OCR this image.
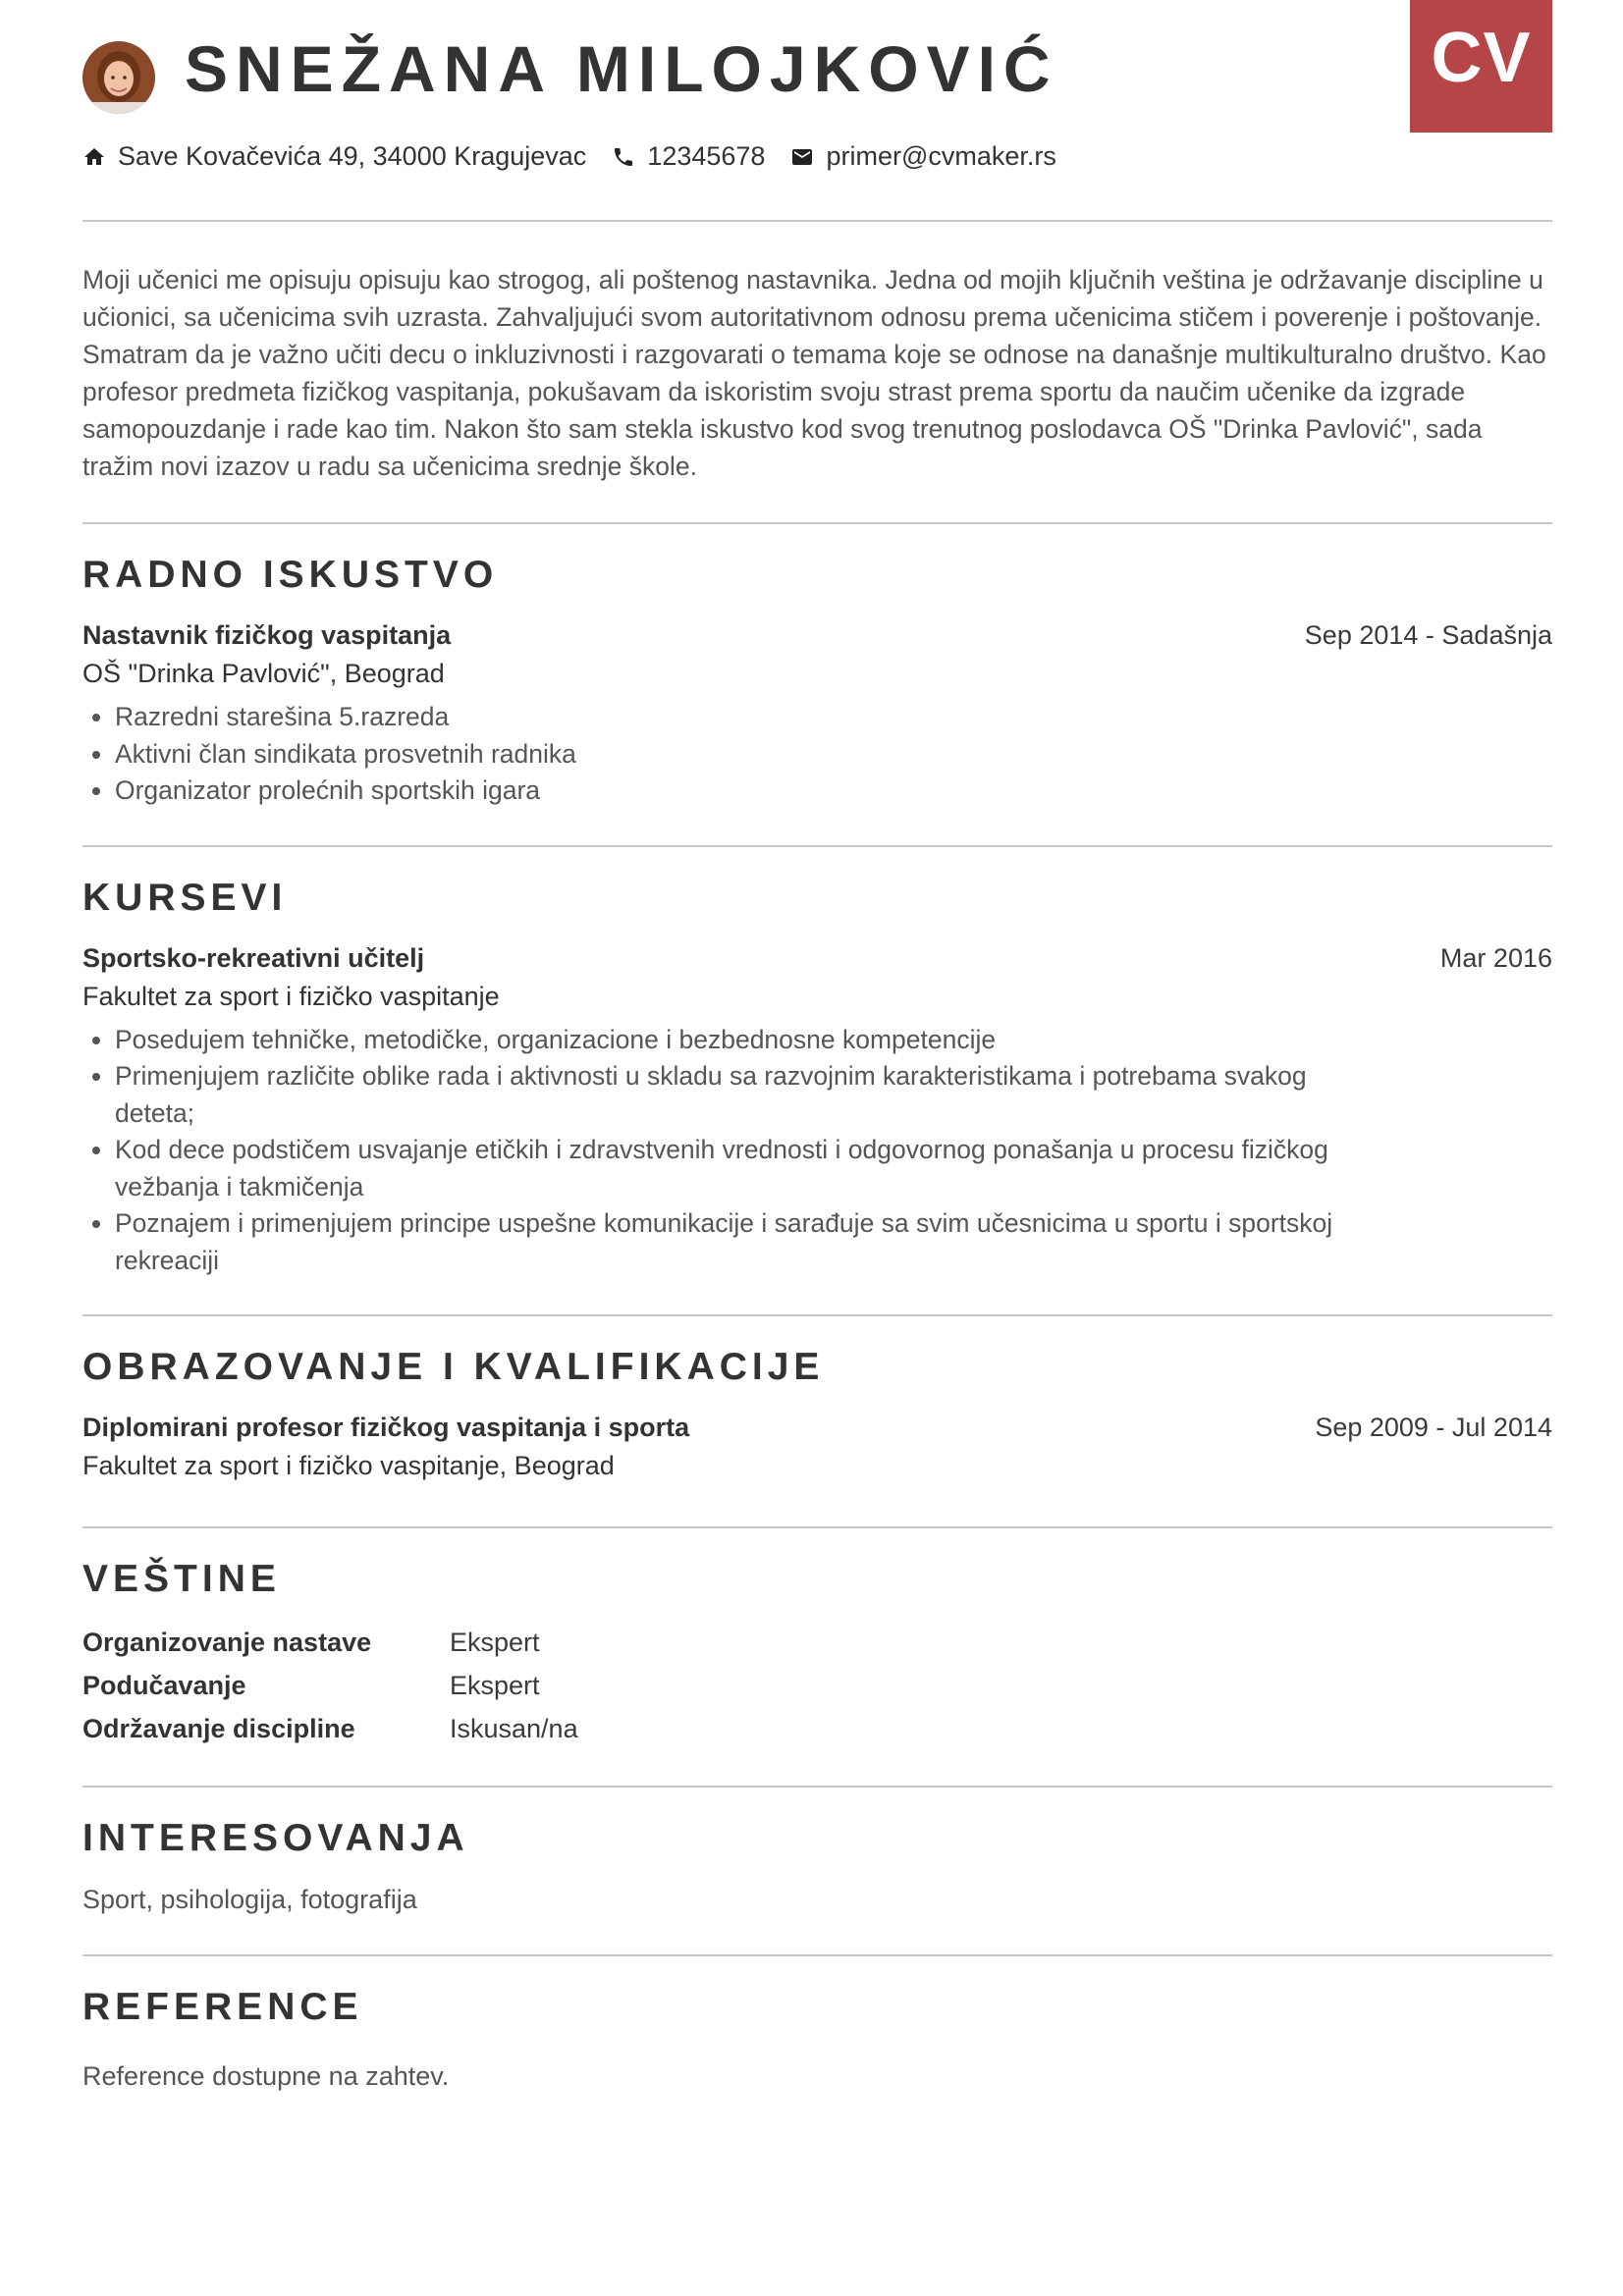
CV
SNEŽANA MILOJKOVIĆ
Save Kovačevića 49, 34000 Kragujevac 12345678 primer@cvmaker.rs
Moji učenici me opisuju opisuju kao strogog, ali poštenog nastavnika. Jedna od mojih ključnih veština je održavanje discipline u učionici, sa učenicima svih uzrasta. Zahvaljujući svom autoritativnom odnosu prema učenicima stičem i poverenje i poštovanje. Smatram da je važno učiti decu o inkluzivnosti i razgovarati o temama koje se odnose na današnje multikulturalno društvo. Kao profesor predmeta fizičkog vaspitanja, pokušavam da iskoristim svoju strast prema sportu da naučim učenike da izgrade samopouzdanje i rade kao tim. Nakon što sam stekla iskustvo kod svog trenutnog poslodavca OŠ "Drinka Pavlović", sada tražim novi izazov u radu sa učenicima srednje škole.
RADNO ISKUSTVO
Nastavnik fizičkog vaspitanja	Sep 2014 - Sadašnja
OŠ "Drinka Pavlović", Beograd
• Razredni starešina 5.razreda
• Aktivni član sindikata prosvetnih radnika
• Organizator prolećnih sportskih igara
KURSEVI
Sportsko-rekreativni učitelj	Mar 2016
Fakultet za sport i fizičko vaspitanje
• Posedujem tehničke, metodičke, organizacione i bezbednosne kompetencije
• Primenjujem različite oblike rada i aktivnosti u skladu sa razvojnim karakteristikama i potrebama svakog deteta;
• Kod dece podstičem usvajanje etičkih i zdravstvenih vrednosti i odgovornog ponašanja u procesu fizičkog vežbanja i takmičenja
• Poznajem i primenjujem principe uspešne komunikacije i sarađuje sa svim učesnicima u sportu i sportskoj rekreaciji
OBRAZOVANJE I KVALIFIKACIJE
Diplomirani profesor fizičkog vaspitanja i sporta	Sep 2009 - Jul 2014
Fakultet za sport i fizičko vaspitanje, Beograd
VEŠTINE
Organizovanje nastave	Ekspert
Podučavanje	Ekspert
Održavanje discipline	Iskusan/na
INTERESOVANJA
Sport, psihologija, fotografija
REFERENCE
Reference dostupne na zahtev.
